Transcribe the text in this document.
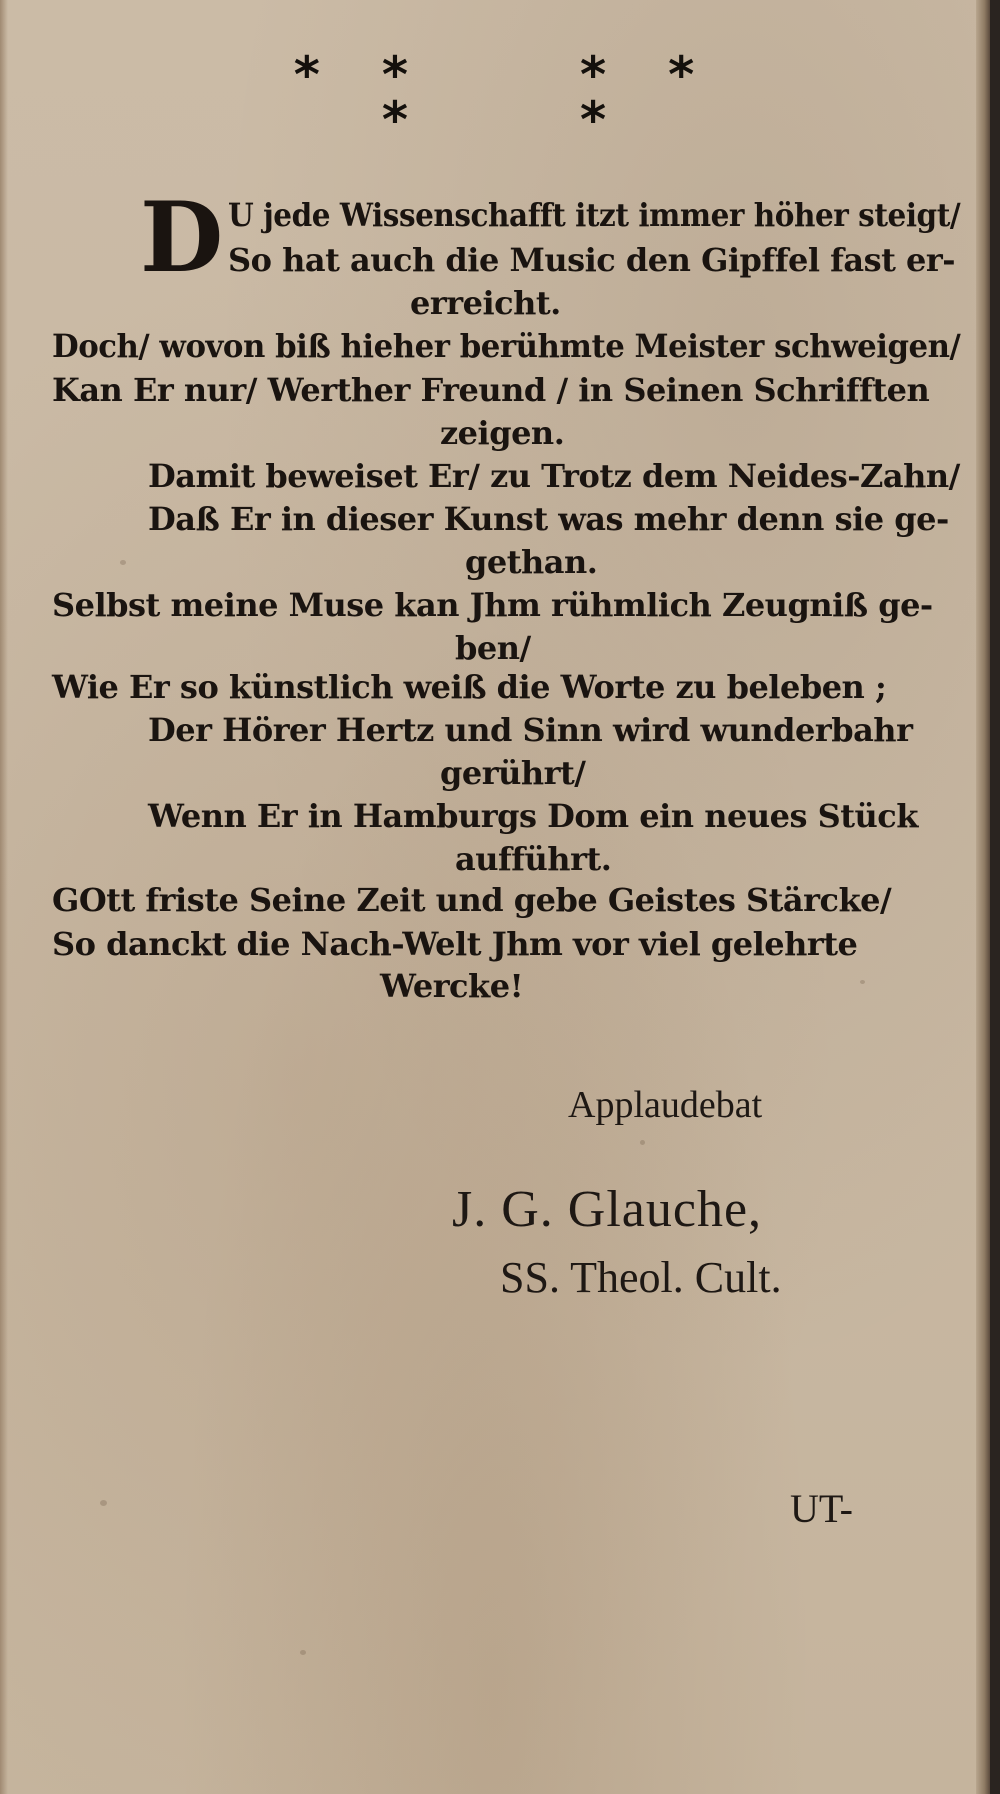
* *	* *
*	*
D U jede Wissenschafft itzt immer höher steigt/
So hat auch die Music den Gipffel fast er-
erreicht.
Doch/ wovon biß hieher berühmte Meister schweigen/
Kan Er nur/ Werther Freund / in Seinen Schrifften
zeigen.
Damit beweiset Er/ zu Trotz dem Neides-Zahn/
Daß Er in dieser Kunst was mehr denn sie ge-
gethan.
Selbst meine Muse kan Jhm rühmlich Zeugniß ge-
ben/
Wie Er so künstlich weiß die Worte zu beleben ;
Der Hörer Hertz und Sinn wird wunderbahr
gerührt/
Wenn Er in Hamburgs Dom ein neues Stück
aufführt.
GOtt friste Seine Zeit und gebe Geistes Stärcke/
So danckt die Nach-Welt Jhm vor viel gelehrte
Wercke!
Applaudebat
J. G. Glauche,
SS. Theol. Cult.
UT-
